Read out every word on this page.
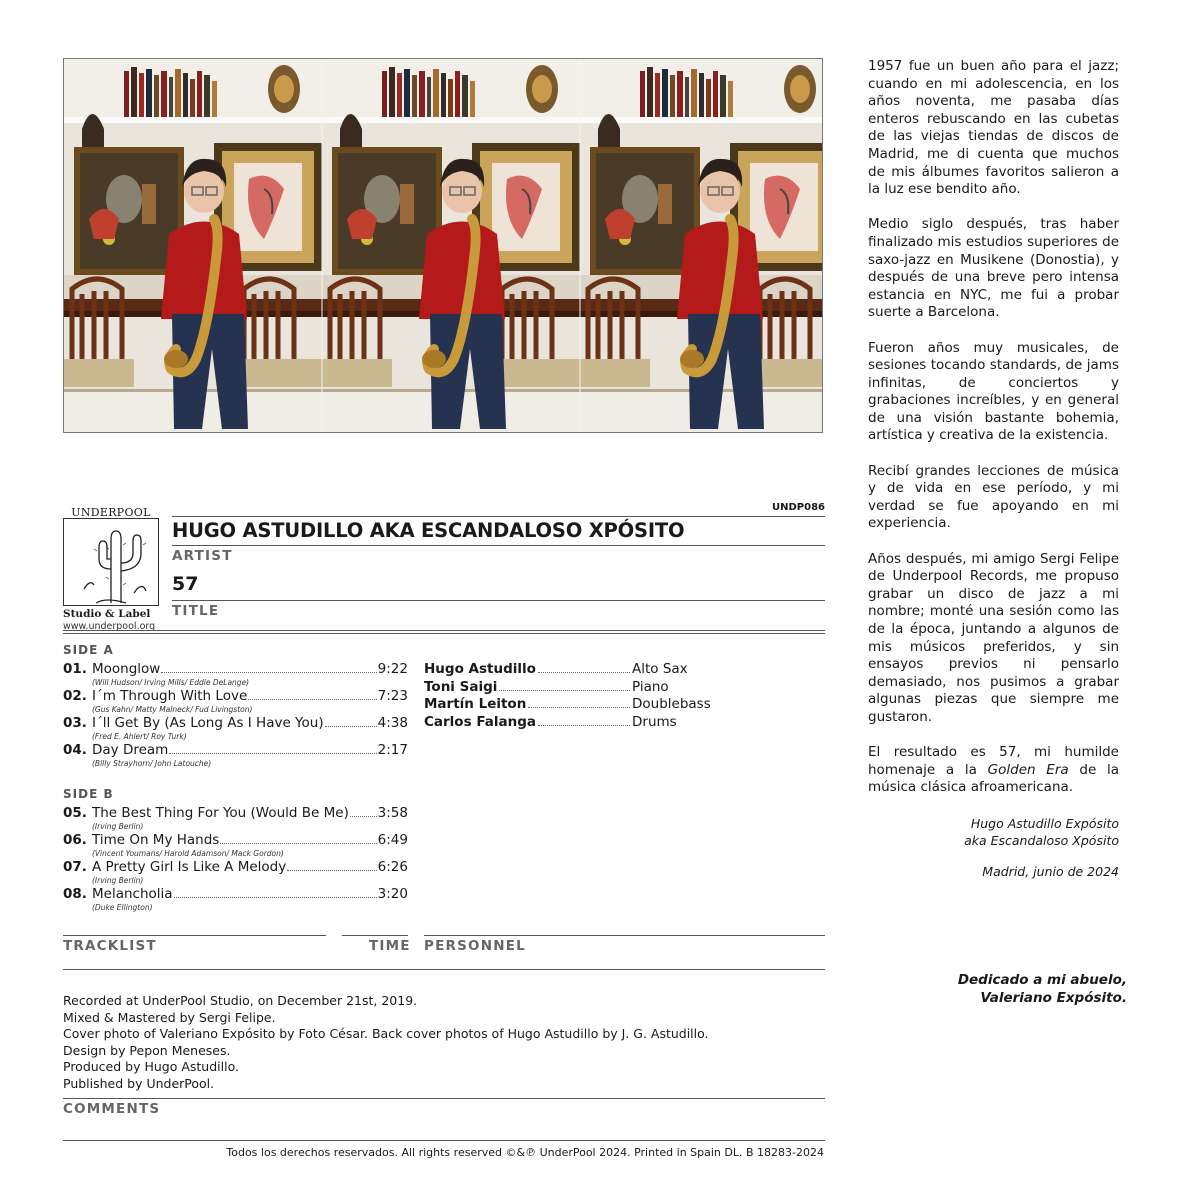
UNDERPOOL
Studio & Label
www.underpool.org
UNDP086
HUGO ASTUDILLO AKA ESCANDALOSO XPÓSITO
ARTIST
57
TITLE
SIDE A
01. Moonglow	9:22
(Will Hudson/ Irving Mills/ Eddie DeLange)
02. I´m Through With Love	7:23
(Gus Kahn/ Matty Malneck/ Fud Livingston)
03. I´ll Get By (As Long As I Have You)	4:38
(Fred E. Ahlert/ Roy Turk)
04. Day Dream	2:17
(Billy Strayhorn/ John Latouche)
SIDE B
05. The Best Thing For You (Would Be Me) 3:58
(Irving Berlin)
06. Time On My Hands	6:49
(Vincent Youmans/ Harold Adamson/ Mack Gordon)
07. A Pretty Girl Is Like A Melody	6:26
(Irving Berlin)
08. Melancholia	3:20
(Duke Ellington)
Hugo Astudillo	Alto Sax
Toni Saigi	Piano
Martín Leiton	Doublebass
Carlos Falanga	Drums
TRACKLIST	TIME PERSONNEL
Recorded at UnderPool Studio, on December 21st, 2019.
Mixed & Mastered by Sergi Felipe.
Cover photo of Valeriano Expósito by Foto César. Back cover photos of Hugo Astudillo by J. G. Astudillo.
Design by Pepon Meneses.
Produced by Hugo Astudillo.
Published by UnderPool.
COMMENTS
Todos los derechos reservados. All rights reserved ©&℗ UnderPool 2024. Printed in Spain DL. B 18283-2024

1957 fue un buen año para el jazz; cuando en mi adolescencia, en los años noventa, me pasaba días enteros rebuscando en las cubetas de las viejas tiendas de discos de Madrid, me di cuenta que muchos de mis álbumes favoritos salieron a la luz ese bendito año.

Medio siglo después, tras haber finalizado mis estudios superiores de saxo-jazz en Musikene (Donostia), y después de una breve pero intensa estancia en NYC, me fui a probar suerte a Barcelona.

Fueron años muy musicales, de sesiones tocando standards, de jams infinitas, de conciertos y grabaciones increíbles, y en general de una visión bastante bohemia, artística y creativa de la existencia.

Recibí grandes lecciones de música y de vida en ese período, y mi verdad se fue apoyando en mi experiencia.

Años después, mi amigo Sergi Felipe de Underpool Records, me propuso grabar un disco de jazz a mi nombre; monté una sesión como las de la época, juntando a algunos de mis músicos preferidos, y sin ensayos previos ni pensarlo demasiado, nos pusimos a grabar algunas piezas que siempre me gustaron.

El resultado es 57, mi humilde homenaje a la Golden Era de la música clásica afroamericana.

Hugo Astudillo Expósito
aka Escandaloso Xpósito
Madrid, junio de 2024
Dedicado a mi abuelo,
Valeriano Expósito.
